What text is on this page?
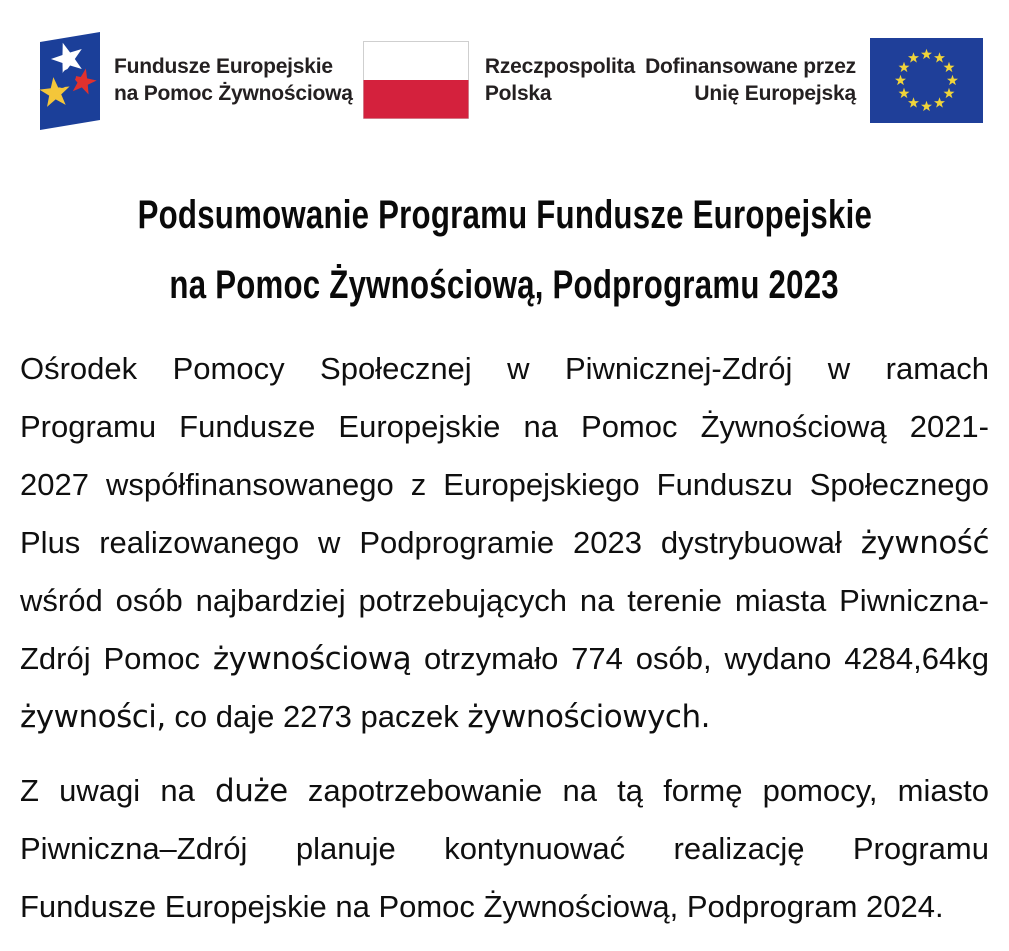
Fundusze Europejskie
na Pomoc Żywnościową
Rzeczpospolita
Polska
Dofinansowane przez
Unię Europejską
Podsumowanie Programu Fundusze Europejskie
na Pomoc Żywnościową, Podprogramu 2023
Ośrodek Pomocy Społecznej w Piwnicznej-Zdrój w ramach
Programu Fundusze Europejskie na Pomoc Żywnościową 2021-
2027 współfinansowanego z Europejskiego Funduszu Społecznego
Plus realizowanego w Podprogramie 2023 dystrybuował żywność
wśród osób najbardziej potrzebujących na terenie miasta Piwniczna-
Zdrój Pomoc żywnościową otrzymało 774 osób, wydano 4284,64kg
żywności, co daje 2273 paczek żywnościowych.
Z uwagi na duże zapotrzebowanie na tą formę pomocy, miasto
Piwniczna–Zdrój planuje kontynuować realizację Programu
Fundusze Europejskie na Pomoc Żywnościową, Podprogram 2024.
